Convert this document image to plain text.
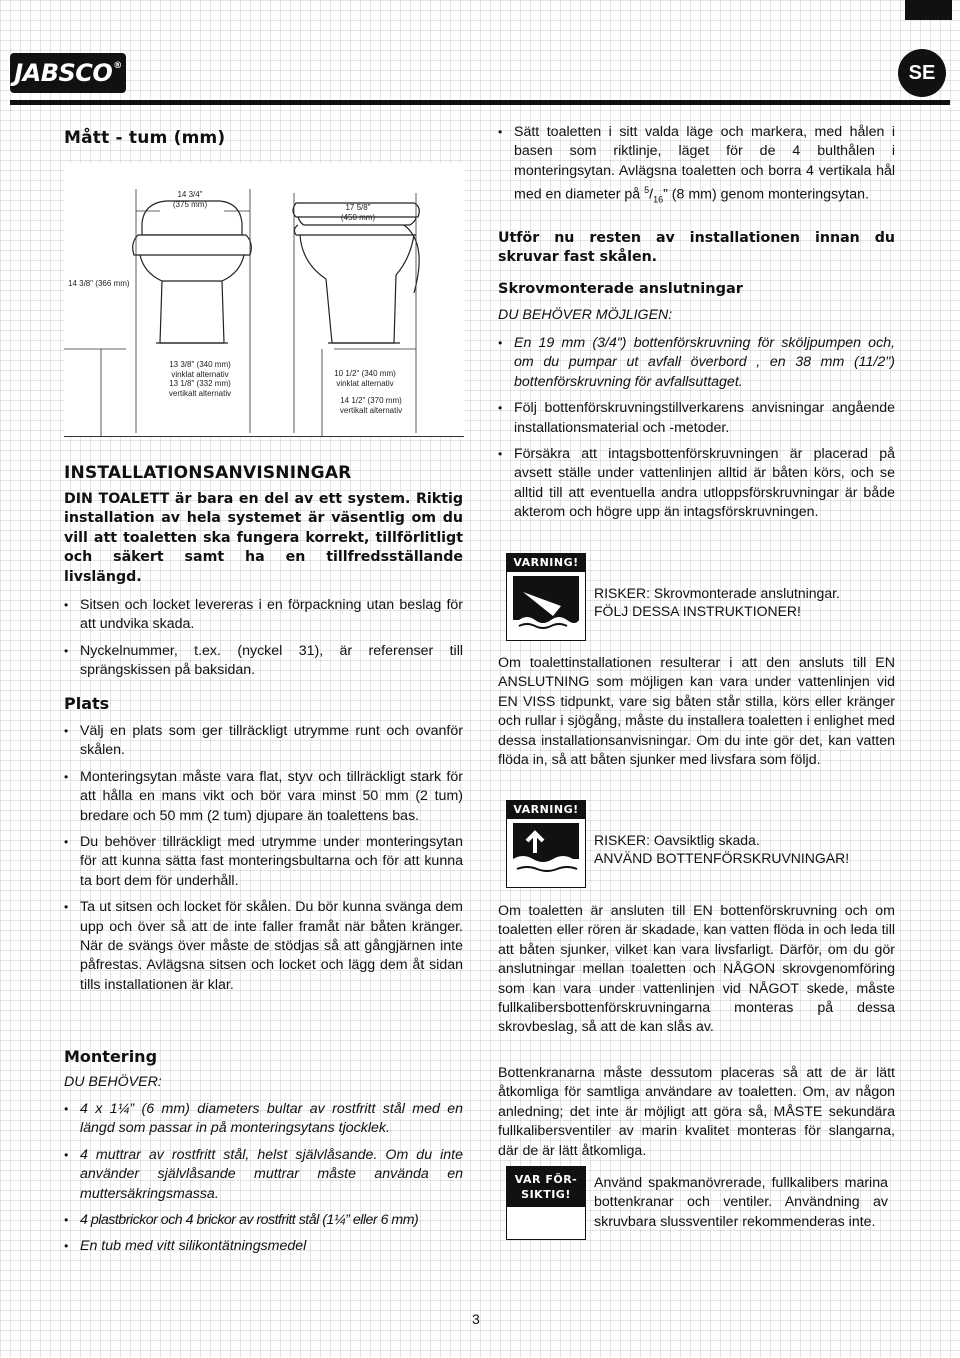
JABSCO®	SE
Mått - tum (mm)
14 3/4"
(375 mm)	17 5/8"
(450 mm)
13 3/8" (340 mm)
vinklat alternativ
13 1/8" (332 mm)
vertikalt alternativ
10 1/2" (340 mm)
vinklat alternativ
14 1/2" (370 mm)
vertikalt alternativ
14 3/8" (366 mm)
INSTALLATIONSANVISNINGAR
DIN TOALETT är bara en del av ett system. Riktig installation av hela systemet är väsentlig om du vill att toaletten ska fungera korrekt, tillförlitligt och säkert samt ha en tillfredsställande livslängd.
• Sitsen och locket levereras i en förpackning utan beslag för att undvika skada.
• Nyckelnummer, t.ex. (nyckel 31), är referenser till sprängskissen på baksidan.
Plats
• Välj en plats som ger tillräckligt utrymme runt och ovanför skålen.
• Monteringsytan måste vara flat, styv och tillräckligt stark för att hålla en mans vikt och bör vara minst 50 mm (2 tum) bredare och 50 mm (2 tum) djupare än toalettens bas.
• Du behöver tillräckligt med utrymme under monteringsytan för att kunna sätta fast monteringsbultarna och för att kunna ta bort dem för underhåll.
• Ta ut sitsen och locket för skålen. Du bör kunna svänga dem upp och över så att de inte faller framåt när båten kränger. När de svängs över måste de stödjas så att gångjärnen inte påfrestas. Avlägsna sitsen och locket och lägg dem åt sidan tills installationen är klar.
Montering
DU BEHÖVER:
• 4 x 1¼” (6 mm) diameters bultar av rostfritt stål med en längd som passar in på monteringsytans tjocklek.
• 4 muttrar av rostfritt stål, helst självlåsande. Om du inte använder självlåsande muttrar måste använda en muttersäkringsmassa.
• 4 plastbrickor och 4 brickor av rostfritt stål (1¼” eller 6 mm)
• En tub med vitt silikontätningsmedel
• Sätt toaletten i sitt valda läge och markera, med hålen i basen som riktlinje, läget för de 4 bulthålen i monteringsytan. Avlägsna toaletten och borra 4 vertikala hål med en diameter på $^5/_{16}$” (8 mm) genom monteringsytan.
Utför nu resten av installationen innan du skruvar fast skålen.
Skrovmonterade anslutningar
DU BEHÖVER MÖJLIGEN:
• En 19 mm (3/4") bottenförskruvning för sköljpumpen och, om du pumpar ut avfall överbord , en 38 mm (11/2") bottenförskruvning för avfallsuttaget.
• Följ bottenförskruvningstillverkarens anvisningar angående installationsmaterial och -metoder.
• Försäkra att intagsbottenförskruvningen är placerad på avsett ställe under vattenlinjen alltid är båten körs, och se alltid till att eventuella andra utloppsförskruvningar är både akterom och högre upp än intagsförskruvningen.
VARNING!
RISKER: Skrovmonterade anslutningar.
FÖLJ DESSA INSTRUKTIONER!
Om toalettinstallationen resulterar i att den ansluts till EN ANSLUTNING som möjligen kan vara under vattenlinjen vid EN VISS tidpunkt, vare sig båten står stilla, körs eller kränger och rullar i sjögång, måste du installera toaletten i enlighet med dessa installationsanvisningar. Om du inte gör det, kan vatten flöda in, så att båten sjunker med livsfara som följd.
VARNING!
RISKER: Oavsiktlig skada.
ANVÄND BOTTENFÖRSKRUVNINGAR!
Om toaletten är ansluten till EN bottenförskruvning och om toaletten eller rören är skadade, kan vatten flöda in och leda till att båten sjunker, vilket kan vara livsfarligt. Därför, om du gör anslutningar mellan toaletten och NÅGON skrovgenomföring som kan vara under vattenlinjen vid NÅGOT skede, måste fullkalibersbottenförskruvningarna monteras på dessa skrovbeslag, så att de kan slås av.
Bottenkranarna måste dessutom placeras så att de är lätt åtkomliga för samtliga användare av toaletten. Om, av någon anledning; det inte är möjligt att göra så, MÅSTE sekundära fullkalibersventiler av marin kvalitet monteras för slangarna, där de är lätt åtkomliga.
VAR FÖR-
SIKTIG!
Använd spakmanövrerade, fullkalibers marina bottenkranar och ventiler. Användning av skruvbara slussventiler rekommenderas inte.
3
